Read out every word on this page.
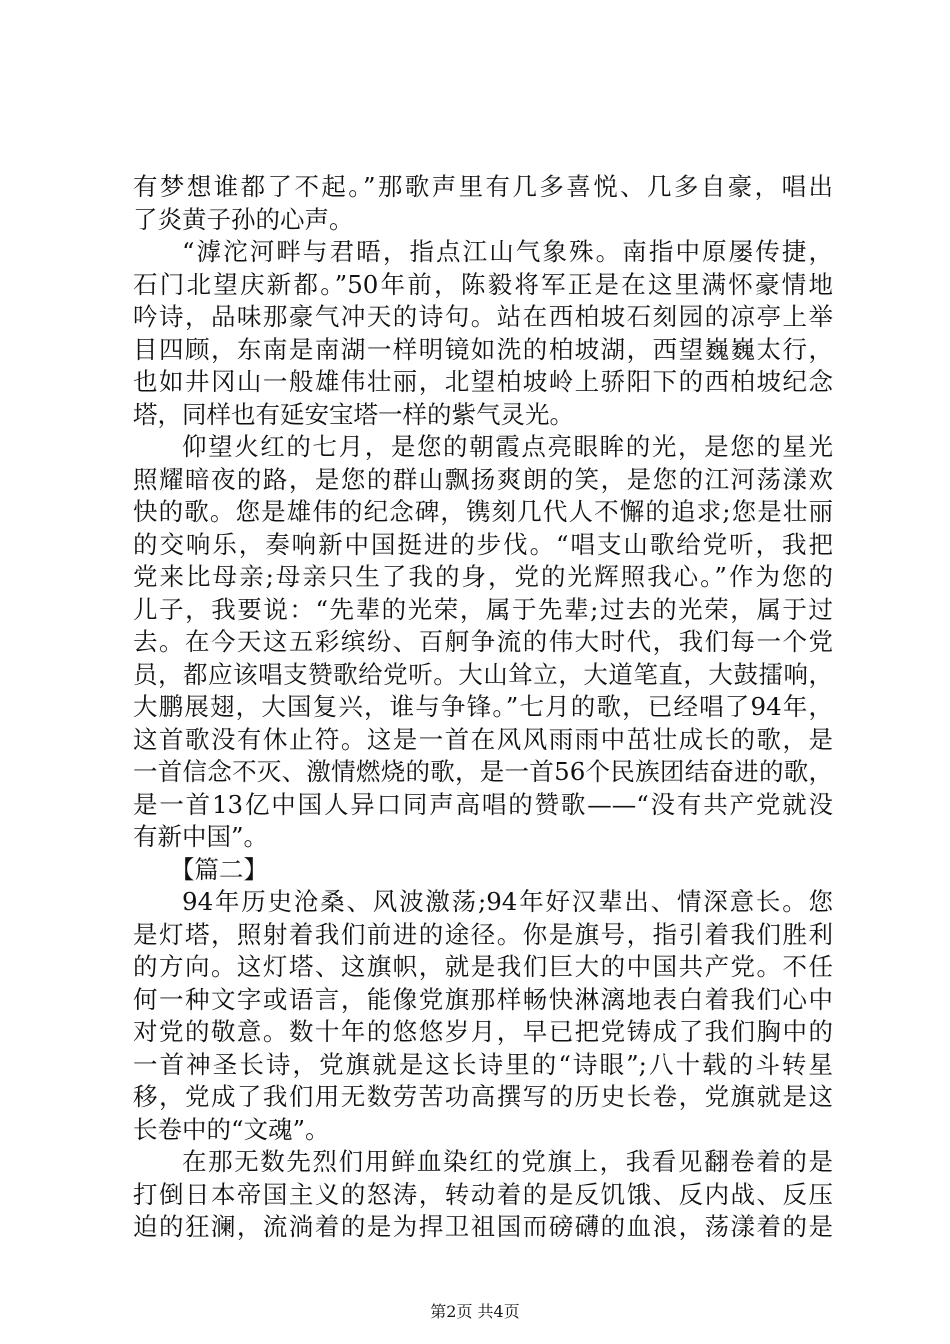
有梦想谁都了不起。”那歌声里有几多喜悦、几多自豪，唱出
了炎黄子孙的心声。
“滹沱河畔与君晤，指点江山气象殊。南指中原屡传捷，
石门北望庆新都。”50年前，陈毅将军正是在这里满怀豪情地
吟诗，品味那豪气冲天的诗句。站在西柏坡石刻园的凉亭上举
目四顾，东南是南湖一样明镜如洗的柏坡湖，西望巍巍太行，
也如井冈山一般雄伟壮丽，北望柏坡岭上骄阳下的西柏坡纪念
塔，同样也有延安宝塔一样的紫气灵光。
仰望火红的七月，是您的朝霞点亮眼眸的光，是您的星光
照耀暗夜的路，是您的群山飘扬爽朗的笑，是您的江河荡漾欢
快的歌。您是雄伟的纪念碑，镌刻几代人不懈的追求;您是壮丽
的交响乐，奏响新中国挺进的步伐。“唱支山歌给党听，我把
党来比母亲;母亲只生了我的身，党的光辉照我心。”作为您的
儿子，我要说：“先辈的光荣，属于先辈;过去的光荣，属于过
去。在今天这五彩缤纷、百舸争流的伟大时代，我们每一个党
员，都应该唱支赞歌给党听。大山耸立，大道笔直，大鼓擂响，
大鹏展翅，大国复兴，谁与争锋。”七月的歌，已经唱了94年，
这首歌没有休止符。这是一首在风风雨雨中茁壮成长的歌，是
一首信念不灭、激情燃烧的歌，是一首56个民族团结奋进的歌，
是一首13亿中国人异口同声高唱的赞歌——“没有共产党就没
有新中国”。
【篇二】
94年历史沧桑、风波激荡;94年好汉辈出、情深意长。您
是灯塔，照射着我们前进的途径。你是旗号，指引着我们胜利
的方向。这灯塔、这旗帜，就是我们巨大的中国共产党。不任
何一种文字或语言，能像党旗那样畅快淋漓地表白着我们心中
对党的敬意。数十年的悠悠岁月，早已把党铸成了我们胸中的
一首神圣长诗，党旗就是这长诗里的“诗眼”;八十载的斗转星
移，党成了我们用无数劳苦功高撰写的历史长卷，党旗就是这
长卷中的“文魂”。
在那无数先烈们用鲜血染红的党旗上，我看见翻卷着的是
打倒日本帝国主义的怒涛，转动着的是反饥饿、反内战、反压
迫的狂澜，流淌着的是为捍卫祖国而磅礴的血浪，荡漾着的是
第2页 共4页
